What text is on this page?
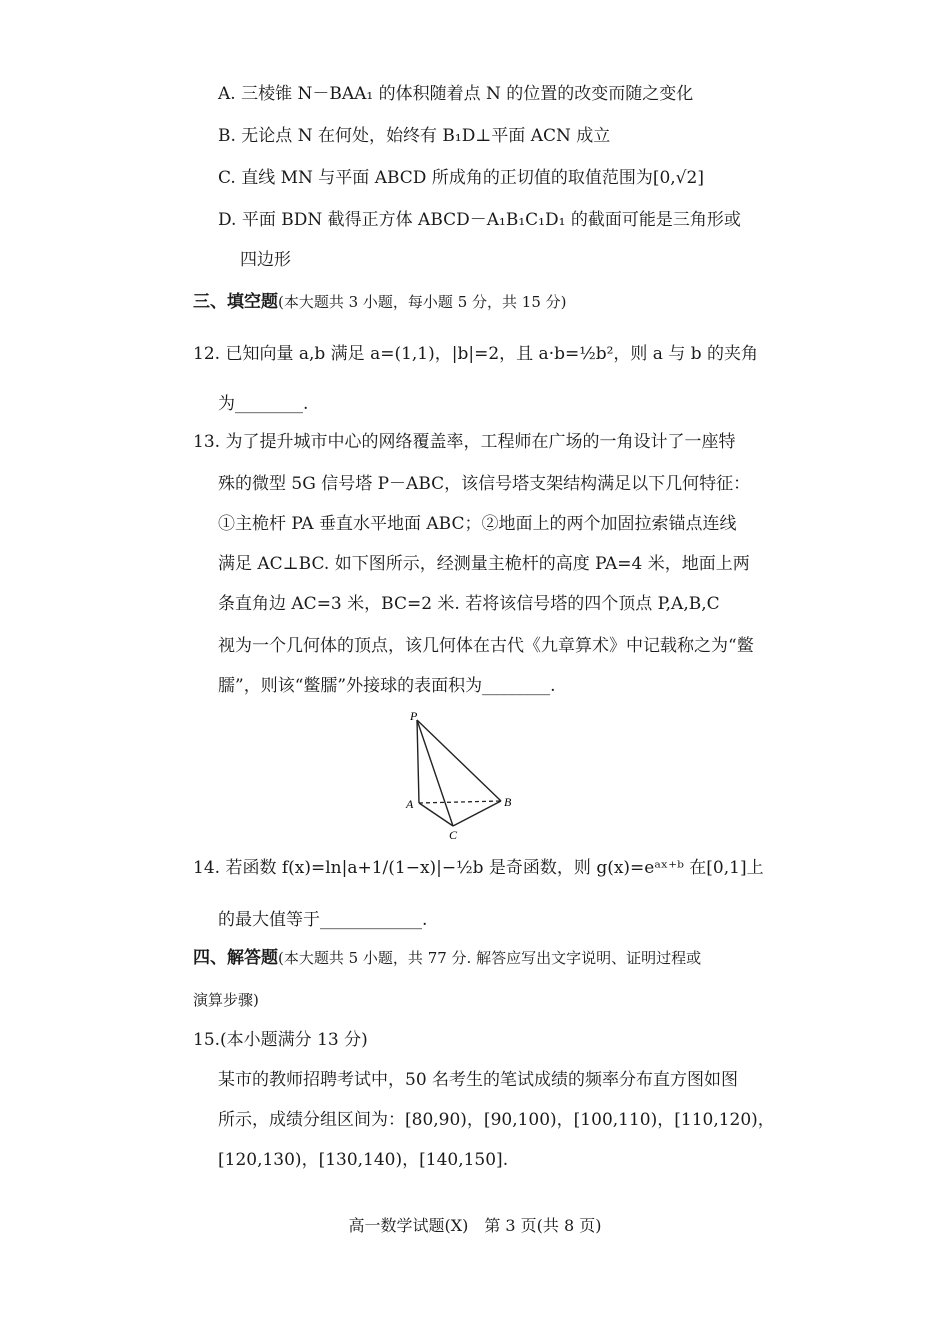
A. 三棱锥 N－BAA₁ 的体积随着点 N 的位置的改变而随之变化
B. 无论点 N 在何处，始终有 B₁D⊥平面 ACN 成立
C. 直线 MN 与平面 ABCD 所成角的正切值的取值范围为[0,√2]
D. 平面 BDN 截得正方体 ABCD－A₁B₁C₁D₁ 的截面可能是三角形或
四边形
三、填空题(本大题共 3 小题，每小题 5 分，共 15 分)
12. 已知向量 a,b 满足 a=(1,1)，|b|=2，且 a·b=½b²，则 a 与 b 的夹角
为________.
13. 为了提升城市中心的网络覆盖率，工程师在广场的一角设计了一座特
殊的微型 5G 信号塔 P－ABC，该信号塔支架结构满足以下几何特征：
①主桅杆 PA 垂直水平地面 ABC；②地面上的两个加固拉索锚点连线
满足 AC⊥BC. 如下图所示，经测量主桅杆的高度 PA=4 米，地面上两
条直角边 AC=3 米，BC=2 米. 若将该信号塔的四个顶点 P,A,B,C
视为一个几何体的顶点，该几何体在古代《九章算术》中记载称之为“鳖
臑”，则该“鳖臑”外接球的表面积为________.
P
A	B
C
14. 若函数 f(x)=ln|a+1/(1−x)|−½b 是奇函数，则 g(x)=eᵃˣ⁺ᵇ 在[0,1]上
的最大值等于____________.
四、解答题(本大题共 5 小题，共 77 分. 解答应写出文字说明、证明过程或
演算步骤)
15.(本小题满分 13 分)
某市的教师招聘考试中，50 名考生的笔试成绩的频率分布直方图如图
所示，成绩分组区间为：[80,90)，[90,100)，[100,110)，[110,120)，
[120,130)，[130,140)，[140,150].
高一数学试题(X)　第 3 页(共 8 页)
